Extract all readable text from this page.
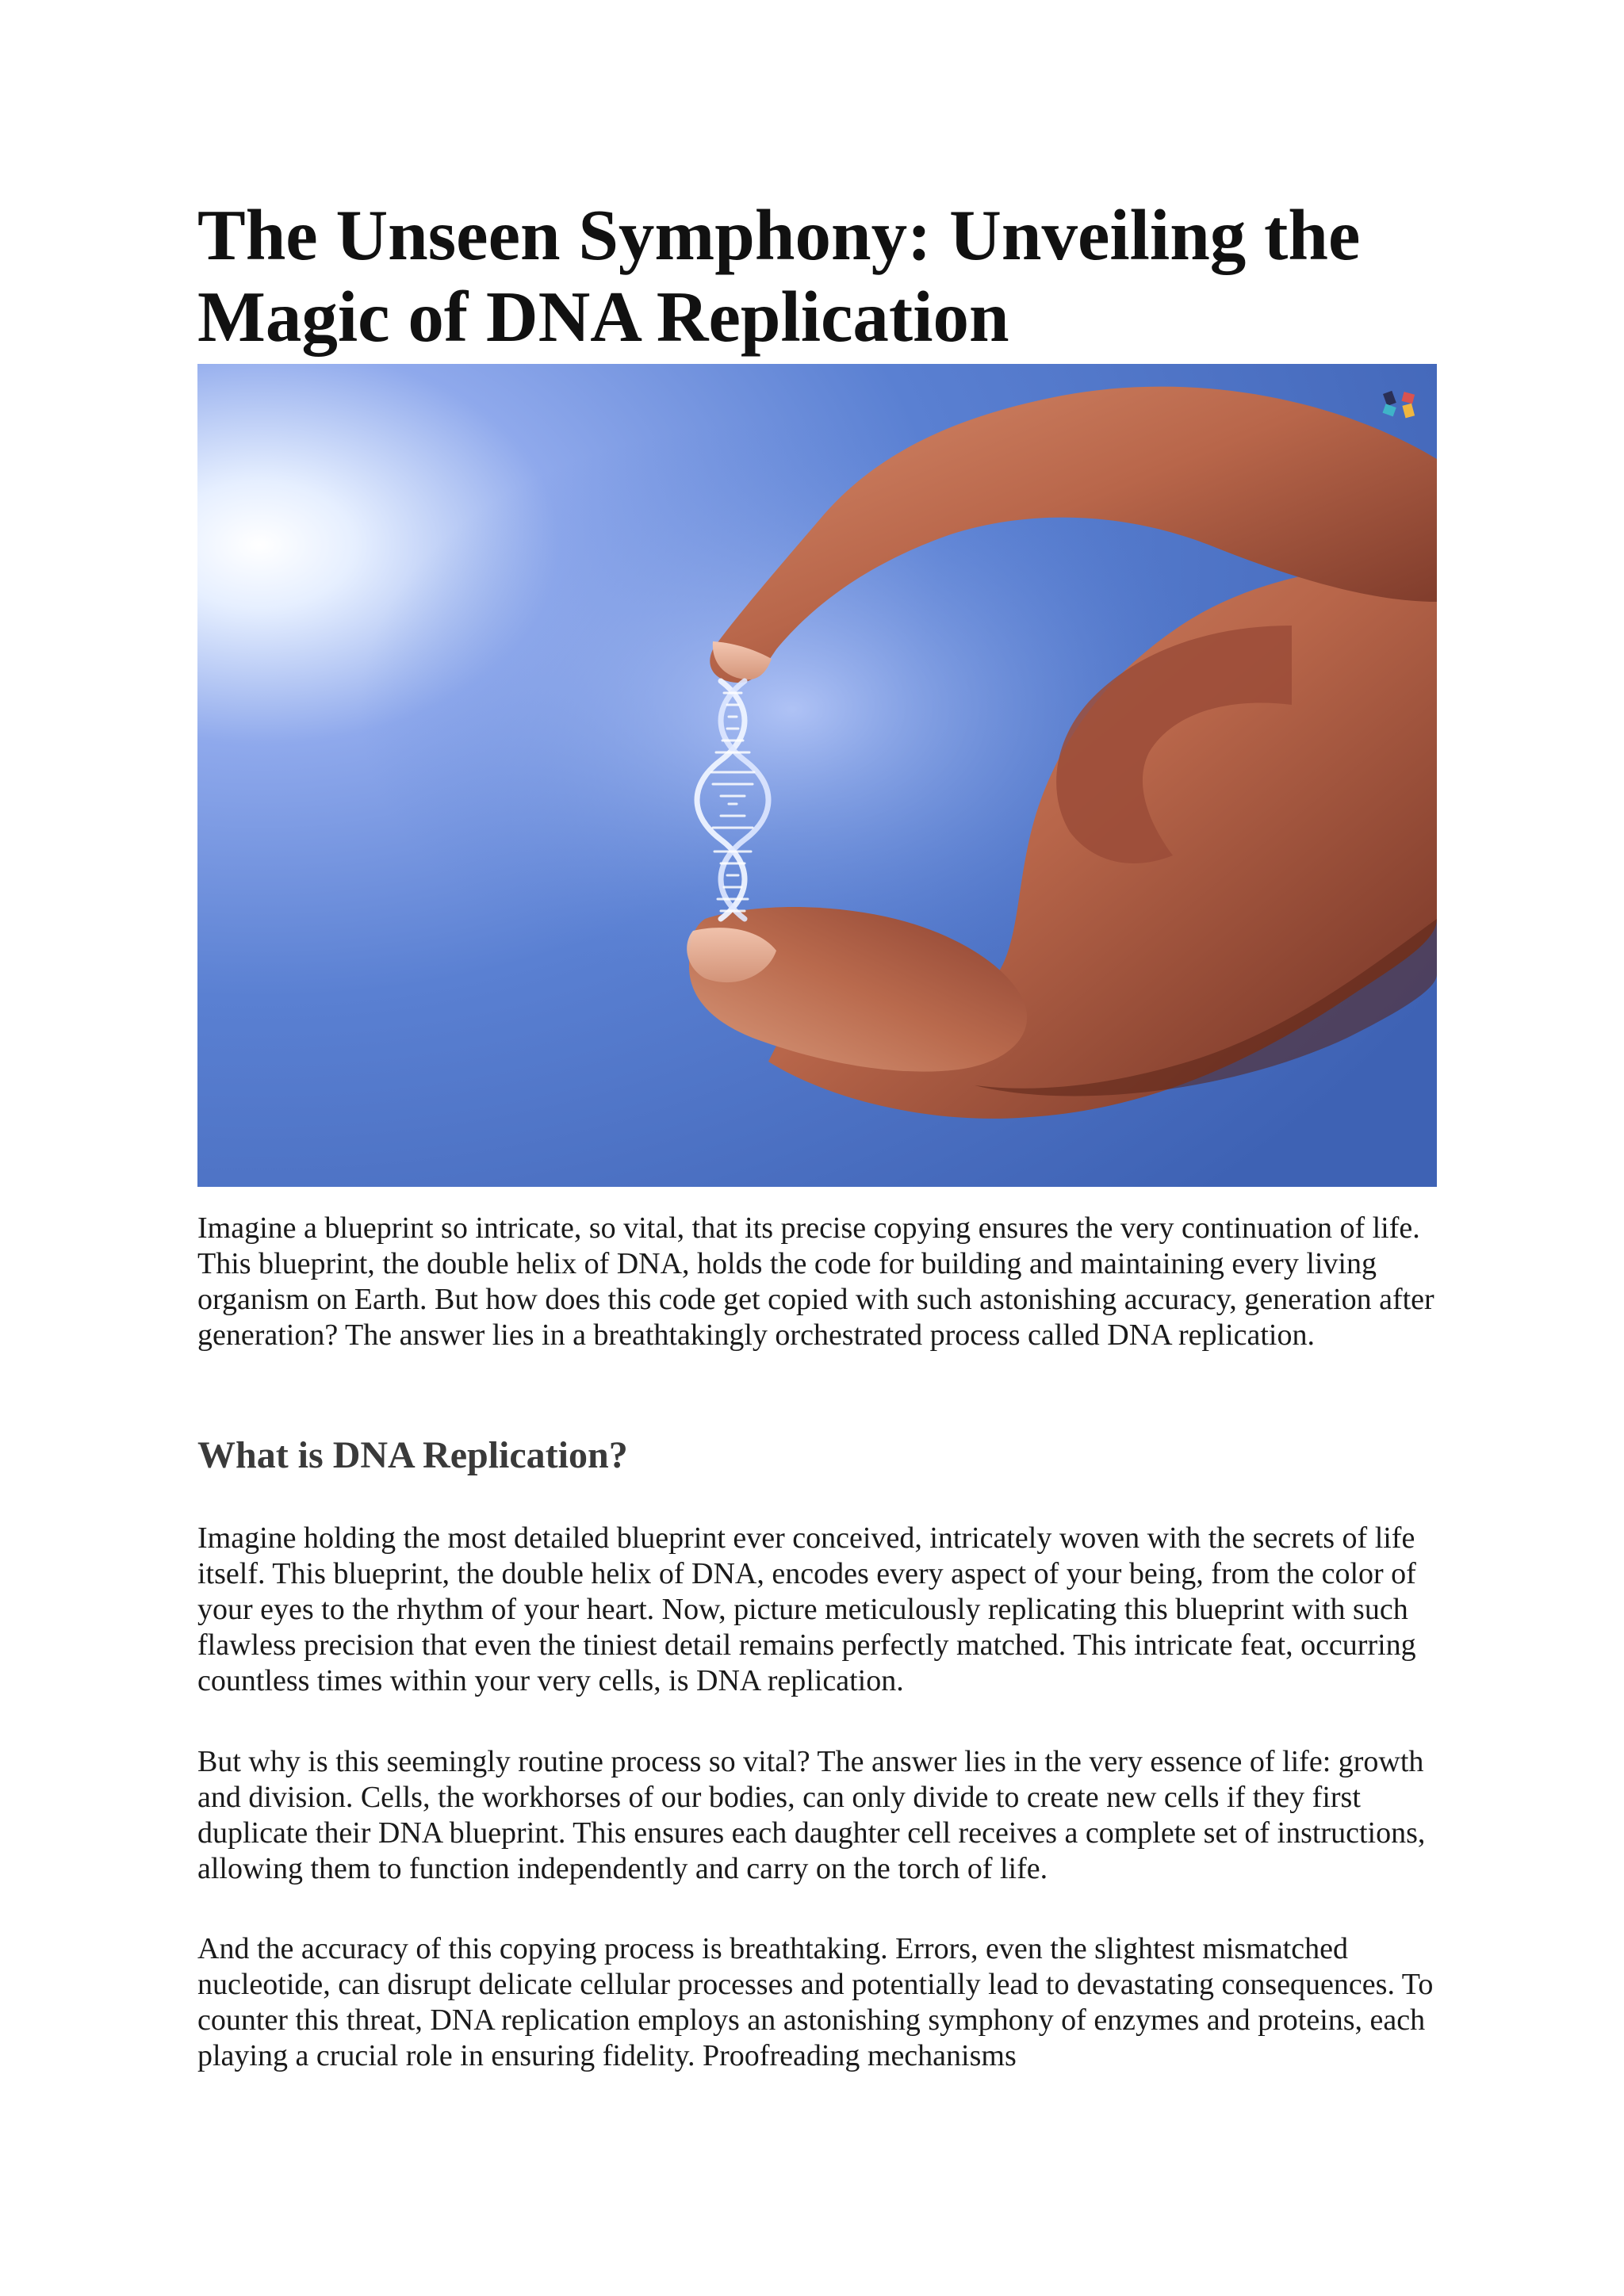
The Unseen Symphony: Unveiling the Magic of DNA Replication

Imagine a blueprint so intricate, so vital, that its precise copying ensures the very continuation of life. This blueprint, the double helix of DNA, holds the code for building and maintaining every living organism on Earth. But how does this code get copied with such astonishing accuracy, generation after generation? The answer lies in a breathtakingly orchestrated process called DNA replication.

What is DNA Replication?

Imagine holding the most detailed blueprint ever conceived, intricately woven with the secrets of life itself. This blueprint, the double helix of DNA, encodes every aspect of your being, from the color of your eyes to the rhythm of your heart. Now, picture meticulously replicating this blueprint with such flawless precision that even the tiniest detail remains perfectly matched. This intricate feat, occurring countless times within your very cells, is DNA replication.

But why is this seemingly routine process so vital? The answer lies in the very essence of life: growth and division. Cells, the workhorses of our bodies, can only divide to create new cells if they first duplicate their DNA blueprint. This ensures each daughter cell receives a complete set of instructions, allowing them to function independently and carry on the torch of life.

And the accuracy of this copying process is breathtaking. Errors, even the slightest mismatched nucleotide, can disrupt delicate cellular processes and potentially lead to devastating consequences. To counter this threat, DNA replication employs an astonishing symphony of enzymes and proteins, each playing a crucial role in ensuring fidelity. Proofreading mechanisms
